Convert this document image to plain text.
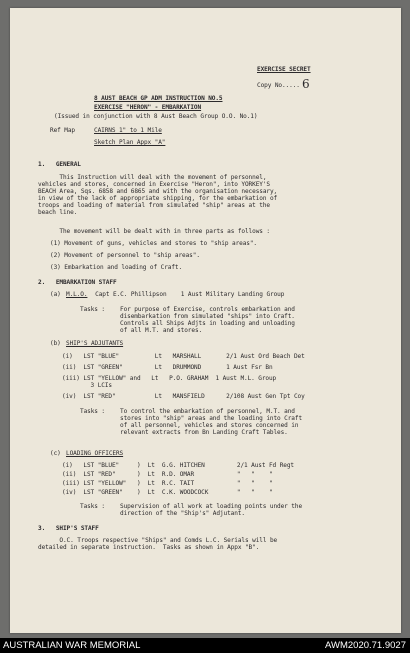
EXERCISE SECRET
Copy No..... 6
8 AUST BEACH GP ADM INSTRUCTION NO.5
EXERCISE "HERON" - EMBARKATION
(Issued in conjunction with 8 Aust Beach Group O.O. No.1)
Ref Map	CAIRNS 1" to 1 Mile
Sketch Plan Appx "A"
1.   GENERAL
This Instruction will deal with the movement of personnel,
vehicles and stores, concerned in Exercise "Heron", into YORKEY'S
BEACH Area, Sqs. 6858 and 6865 and with the organisation necessary,
in view of the lack of appropriate shipping, for the embarkation of
troops and loading of material from simulated "ship" areas at the
beach line.
The movement will be dealt with in three parts as follows :
(1) Movement of guns, vehicles and stores to "ship areas".
(2) Movement of personnel to "ship areas".
(3) Embarkation and loading of Craft.
2.   EMBARKATION STAFF
(a) M.L.O. Capt E.C. Phillipson    1 Aust Military Landing Group
Tasks : For purpose of Exercise, controls embarkation and
disembarkation from simulated "ships" into Craft.
Controls all Ships Adjts in loading and unloading
of all M.T. and stores.
(b) SHIP'S ADJUTANTS
(i)   LST "BLUE"          Lt   MARSHALL       2/1 Aust Ord Beach Det
(ii)  LST "GREEN"         Lt   DRUMMOND       1 Aust Fsr Bn
(iii) LST "YELLOW" and   Lt   P.O. GRAHAM  1 Aust M.L. Group
3 LCIs
(iv)  LST "RED"           Lt   MANSFIELD      2/108 Aust Gen Tpt Coy
Tasks : To control the embarkation of personnel, M.T. and
stores into "ship" areas and the loading into Craft
of all personnel, vehicles and stores concerned in
relevant extracts from Bn Landing Craft Tables.
(c) LOADING OFFICERS
(i)   LST "BLUE"     )  Lt  G.G. HITCHEN         2/1 Aust Fd Regt
(ii)  LST "RED"      )  Lt  R.D. OMAR            "   "    "
(iii) LST "YELLOW"   )  Lt  R.C. TAIT            "   "    "
(iv)  LST "GREEN"    )  Lt  C.K. WOODCOCK        "   "    "
Tasks : Supervision of all work at loading points under the
direction of the "Ship's" Adjutant.
3.   SHIP'S STAFF
O.C. Troops respective "Ships" and Comds L.C. Serials will be
detailed in separate instruction.  Tasks as shown in Appx "B".
AUSTRALIAN WAR MEMORIAL	AWM2020.71.9027
